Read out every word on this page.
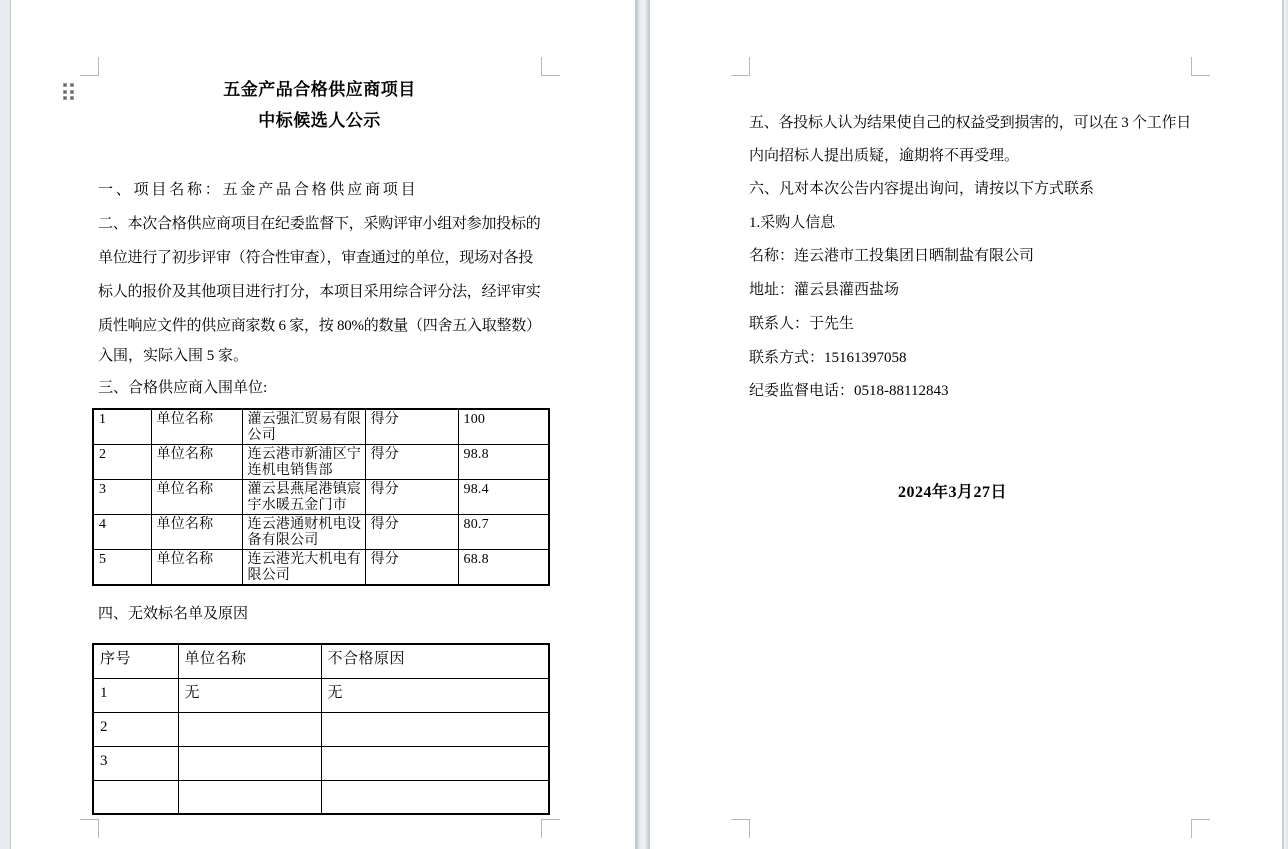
五金产品合格供应商项目
中标候选人公示
一、项目名称：五金产品合格供应商项目
二、本次合格供应商项目在纪委监督下，采购评审小组对参加投标的
单位进行了初步评审（符合性审查），审查通过的单位，现场对各投
标人的报价及其他项目进行打分，本项目采用综合评分法，经评审实
质性响应文件的供应商家数 6 家，按 80%的数量（四舍五入取整数）
入围，实际入围 5 家。
三、合格供应商入围单位:
1	单位名称	灌云强汇贸易有限公司	得分	100
2	单位名称	连云港市新浦区宁连机电销售部	得分	98.8
3	单位名称	灌云县燕尾港镇宸宇水暖五金门市	得分	98.4
4	单位名称	连云港通财机电设备有限公司	得分	80.7
5	单位名称	连云港光大机电有限公司	得分	68.8
四、无效标名单及原因
序号	单位名称	不合格原因
1	无	无
2		
3		

五、各投标人认为结果使自己的权益受到损害的，可以在 3 个工作日
内向招标人提出质疑，逾期将不再受理。
六、凡对本次公告内容提出询问，请按以下方式联系
1.采购人信息
名称：连云港市工投集团日晒制盐有限公司
地址：灌云县灌西盐场
联系人：于先生
联系方式：15161397058
纪委监督电话：0518-88112843
2024年3月27日
